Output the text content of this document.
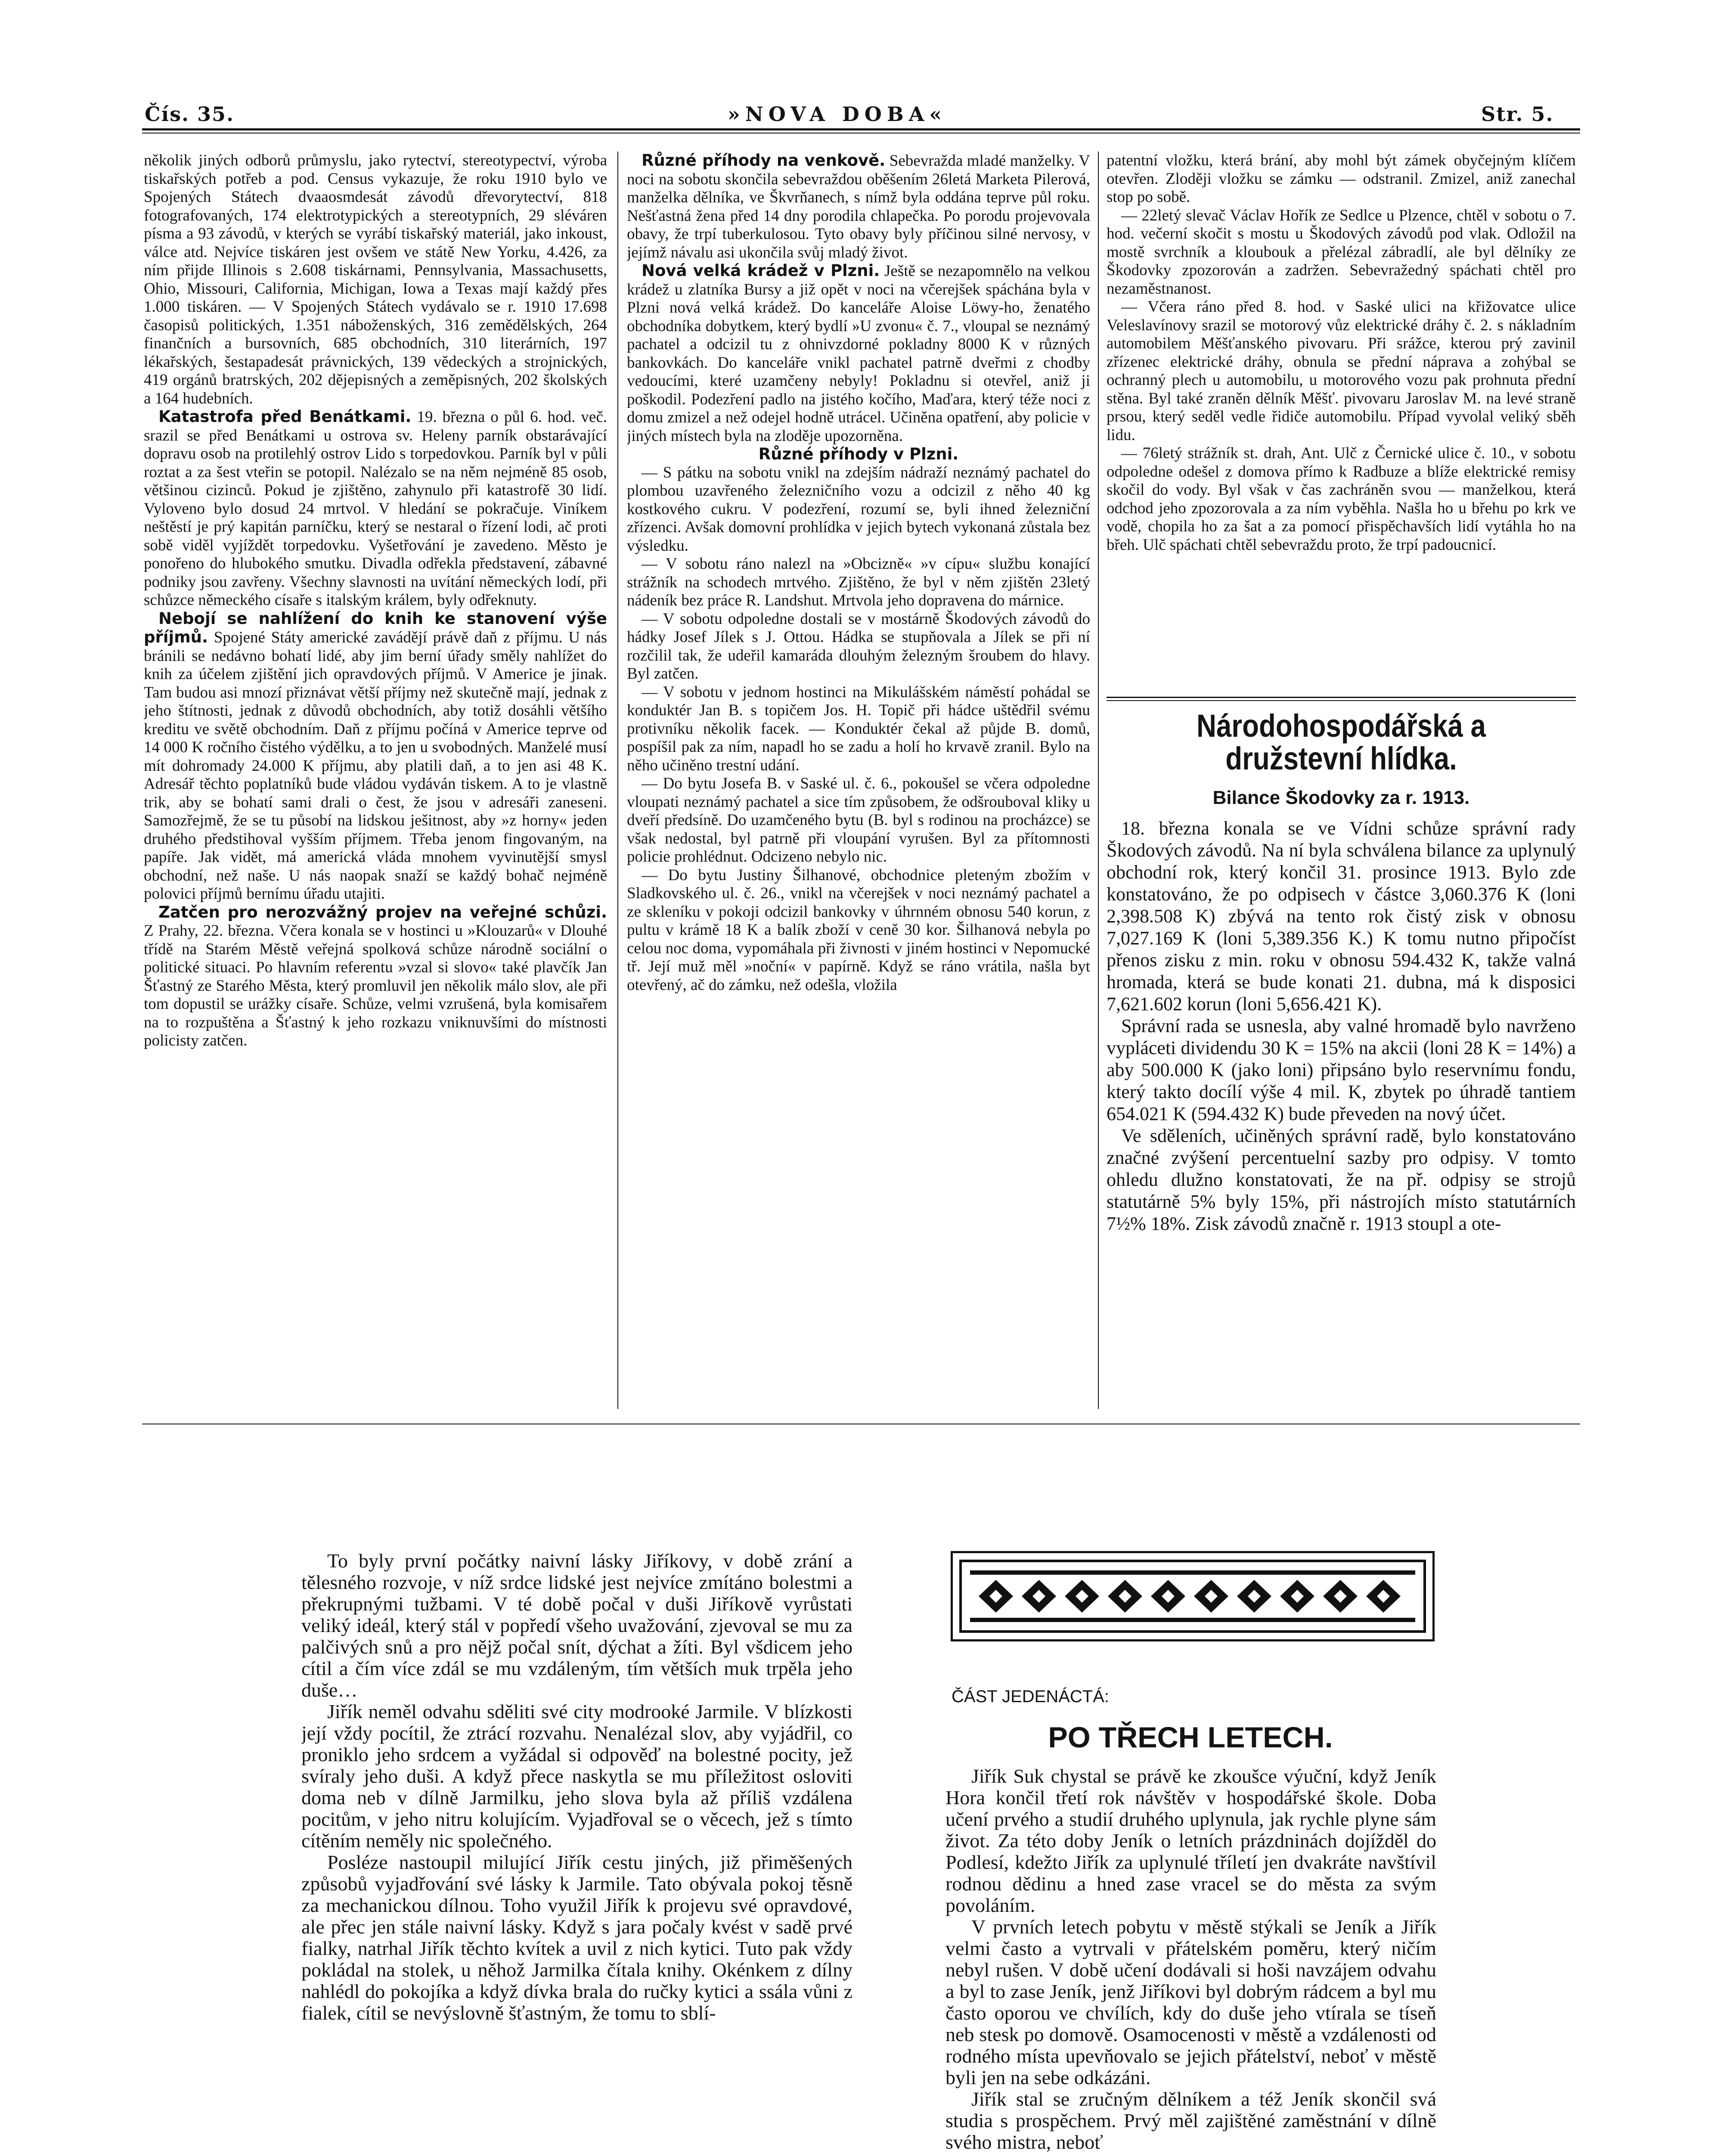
Čís. 35.	»NOVA DOBA«	Str. 5.

několik jiných odborů průmyslu, jako rytectví, stereotypectví, výroba tiskařských potřeb a pod. Census vykazuje, že roku 1910 bylo ve Spojených Státech dvaaosmdesát závodů dřevorytectví, 818 fotografovaných, 174 elektrotypických a stereotypních, 29 sléváren písma a 93 závodů, v kterých se vyrábí tiskařský materiál, jako inkoust, válce atd. Nejvíce tiskáren jest ovšem ve státě New Yorku, 4.426, za ním přijde Illinois s 2.608 tiskárnami, Pennsylvania, Massachusetts, Ohio, Missouri, California, Michigan, Iowa a Texas mají každý přes 1.000 tiskáren. — V Spojených Státech vydávalo se r. 1910 17.698 časopisů politických, 1.351 náboženských, 316 zemědělských, 264 finančních a bursovních, 685 obchodních, 310 literárních, 197 lékařských, šestapadesát právnických, 139 vědeckých a strojnických, 419 orgánů bratrských, 202 dějepisných a zeměpisných, 202 školských a 164 hudebních.

Katastrofa před Benátkami. 19. března o půl 6. hod. več. srazil se před Benátkami u ostrova sv. Heleny parník obstarávající dopravu osob na protilehlý ostrov Lido s torpedovkou. Parník byl v půli roztat a za šest vteřin se potopil. Nalézalo se na něm nejméně 85 osob, většinou cizinců. Pokud je zjištěno, zahynulo při katastrofě 30 lidí. Vyloveno bylo dosud 24 mrtvol. V hledání se pokračuje. Viníkem neštěstí je prý kapitán parníčku, který se nestaral o řízení lodi, ač proti sobě viděl vyjíždět torpedovku. Vyšetřování je zavedeno. Město je ponořeno do hlubokého smutku. Divadla odřekla představení, zábavné podniky jsou zavřeny. Všechny slavnosti na uvítání německých lodí, při schůzce německého císaře s italským králem, byly odřeknuty.

Nebojí se nahlížení do knih ke stanovení výše příjmů. Spojené Státy americké zavádějí právě daň z příjmu. U nás bránili se nedávno bohatí lidé, aby jim berní úřady směly nahlížet do knih za účelem zjištění jich opravdových příjmů. V Americe je jinak. Tam budou asi mnozí přiznávat větší příjmy než skutečně mají, jednak z jeho štítnosti, jednak z důvodů obchodních, aby totiž dosáhli většího kreditu ve světě obchodním. Daň z příjmu počíná v Americe teprve od 14 000 K ročního čistého výdělku, a to jen u svobodných. Manželé musí mít dohromady 24.000 K příjmu, aby platili daň, a to jen asi 48 K. Adresář těchto poplatníků bude vládou vydáván tiskem. A to je vlastně trik, aby se bohatí sami drali o čest, že jsou v adresáři zaneseni. Samozřejmě, že se tu působí na lidskou ješitnost, aby »z horny« jeden druhého předstihoval vyšším příjmem. Třeba jenom fingovaným, na papíře. Jak vidět, má americká vláda mnohem vyvinutější smysl obchodní, než naše. U nás naopak snaží se každý bohač nejméně polovici příjmů bernímu úřadu utajiti.

Zatčen pro nerozvážný projev na veřejné schůzi. Z Prahy, 22. března. Včera konala se v hostinci u »Klouzarů« v Dlouhé třídě na Starém Městě veřejná spolková schůze národně sociální o politické situaci. Po hlavním referentu »vzal si slovo« také plavčík Jan Šťastný ze Starého Města, který promluvil jen několik málo slov, ale při tom dopustil se urážky císaře. Schůze, velmi vzrušená, byla komisařem na to rozpuštěna a Šťastný k jeho rozkazu vniknuvšími do místnosti policisty zatčen.

Různé příhody na venkově. Sebevražda mladé manželky. V noci na sobotu skončila sebevraždou oběšením 26letá Marketa Pilerová, manželka dělníka, ve Škvrňanech, s nímž byla oddána teprve půl roku. Nešťastná žena před 14 dny porodila chlapečka. Po porodu projevovala obavy, že trpí tuberkulosou. Tyto obavy byly příčinou silné nervosy, v jejímž návalu asi ukončila svůj mladý život.

Nová velká krádež v Plzni. Ještě se nezapomnělo na velkou krádež u zlatníka Bursy a již opět v noci na včerejšek spáchána byla v Plzni nová velká krádež. Do kanceláře Aloise Löwy-ho, ženatého obchodníka dobytkem, který bydlí »U zvonu« č. 7., vloupal se neznámý pachatel a odcizil tu z ohnivzdorné pokladny 8000 K v různých bankovkách. Do kanceláře vnikl pachatel patrně dveřmi z chodby vedoucími, které uzamčeny nebyly! Pokladnu si otevřel, aniž ji poškodil. Podezření padlo na jistého kočího, Maďara, který téže noci z domu zmizel a než odejel hodně utrácel. Učiněna opatření, aby policie v jiných místech byla na zloděje upozorněna.

Různé příhody v Plzni.

— S pátku na sobotu vnikl na zdejším nádraží neznámý pachatel do plombou uzavřeného železničního vozu a odcizil z něho 40 kg kostkového cukru. V podezření, rozumí se, byli ihned železniční zřízenci. Avšak domovní prohlídka v jejich bytech vykonaná zůstala bez výsledku.

— V sobotu ráno nalezl na »Obcizně« »v cípu« službu konající strážník na schodech mrtvého. Zjištěno, že byl v něm zjištěn 23letý nádeník bez práce R. Landshut. Mrtvola jeho dopravena do márnice.

— V sobotu odpoledne dostali se v mostárně Škodových závodů do hádky Josef Jílek s J. Ottou. Hádka se stupňovala a Jílek se při ní rozčilil tak, že udeřil kamaráda dlouhým železným šroubem do hlavy. Byl zatčen.

— V sobotu v jednom hostinci na Mikulášském náměstí pohádal se konduktér Jan B. s topičem Jos. H. Topič při hádce uštědřil svému protivníku několik facek. — Konduktér čekal až půjde B. domů, pospíšil pak za ním, napadl ho se zadu a holí ho krvavě zranil. Bylo na něho učiněno trestní udání.

— Do bytu Josefa B. v Saské ul. č. 6., pokoušel se včera odpoledne vloupati neznámý pachatel a sice tím způsobem, že odšrouboval kliky u dveří předsíně. Do uzamčeného bytu (B. byl s rodinou na procházce) se však nedostal, byl patrně při vloupání vyrušen. Byl za přítomnosti policie prohlédnut. Odcizeno nebylo nic.

— Do bytu Justiny Šilhanové, obchodnice pleteným zbožím v Sladkovského ul. č. 26., vnikl na včerejšek v noci neznámý pachatel a ze skleníku v pokoji odcizil bankovky v úhrnném obnosu 540 korun, z pultu v krámě 18 K a balík zboží v ceně 30 kor. Šilhanová nebyla po celou noc doma, vypomáhala při živnosti v jiném hostinci v Nepomucké tř. Její muž měl »noční« v papírně. Když se ráno vrátila, našla byt otevřený, ač do zámku, než odešla, vložila

patentní vložku, která brání, aby mohl být zámek obyčejným klíčem otevřen. Zloději vložku se zámku — odstranil. Zmizel, aniž zanechal stop po sobě.

— 22letý slevač Václav Hořík ze Sedlce u Plzence, chtěl v sobotu o 7. hod. večerní skočit s mostu u Škodových závodů pod vlak. Odložil na mostě svrchník a kloubouk a přelézal zábradlí, ale byl dělníky ze Škodovky zpozorován a zadržen. Sebevražedný spáchati chtěl pro nezaměstnanost.

— Včera ráno před 8. hod. v Saské ulici na křižovatce ulice Veleslavínovy srazil se motorový vůz elektrické dráhy č. 2. s nákladním automobilem Měšťanského pivovaru. Při srážce, kterou prý zavinil zřízenec elektrické dráhy, obnula se přední náprava a zohýbal se ochranný plech u automobilu, u motorového vozu pak prohnuta přední stěna. Byl také zraněn dělník Měšť. pivovaru Jaroslav M. na levé straně prsou, který seděl vedle řidiče automobilu. Případ vyvolal veliký sběh lidu.

— 76letý strážník st. drah, Ant. Ulč z Černické ulice č. 10., v sobotu odpoledne odešel z domova přímo k Radbuze a blíže elektrické remisy skočil do vody. Byl však v čas zachráněn svou — manželkou, která odchod jeho zpozorovala a za ním vyběhla. Našla ho u břehu po krk ve vodě, chopila ho za šat a za pomocí přispěchavších lidí vytáhla ho na břeh. Ulč spáchati chtěl sebevraždu proto, že trpí padoucnicí.

Národohospodářská a družstevní hlídka.
Bilance Škodovky za r. 1913.

18. března konala se ve Vídni schůze správní rady Škodových závodů. Na ní byla schválena bilance za uplynulý obchodní rok, který končil 31. prosince 1913. Bylo zde konstatováno, že po odpisech v částce 3,060.376 K (loni 2,398.508 K) zbývá na tento rok čistý zisk v obnosu 7,027.169 K (loni 5,389.356 K.) K tomu nutno připočíst přenos zisku z min. roku v obnosu 594.432 K, takže valná hromada, která se bude konati 21. dubna, má k disposici 7,621.602 korun (loni 5,656.421 K).

Správní rada se usnesla, aby valné hromadě bylo navrženo vypláceti dividendu 30 K = 15% na akcii (loni 28 K = 14%) a aby 500.000 K (jako loni) připsáno bylo reservnímu fondu, který takto docílí výše 4 mil. K, zbytek po úhradě tantiem 654.021 K (594.432 K) bude převeden na nový účet.

Ve sděleních, učiněných správní radě, bylo konstatováno značné zvýšení percentuelní sazby pro odpisy. V tomto ohledu dlužno konstatovati, že na př. odpisy se strojů statutárně 5% byly 15%, při nástrojích místo statutárních 7½% 18%. Zisk závodů značně r. 1913 stoupl a ote-

To byly první počátky naivní lásky Jiříkovy, v době zrání a tělesného rozvoje, v níž srdce lidské jest nejvíce zmítáno bolestmi a překrupnými tužbami. V té době počal v duši Jiříkově vyrůstati veliký ideál, který stál v popředí všeho uvažování, zjevoval se mu za palčivých snů a pro nějž počal snít, dýchat a žíti. Byl všdicem jeho cítil a čím více zdál se mu vzdáleným, tím větších muk trpěla jeho duše…

Jiřík neměl odvahu sděliti své city modrooké Jarmile. V blízkosti její vždy pocítil, že ztrácí rozvahu. Nenalézal slov, aby vyjádřil, co proniklo jeho srdcem a vyžádal si odpověď na bolestné pocity, jež svíraly jeho duši. A když přece naskytla se mu příležitost osloviti doma neb v dílně Jarmilku, jeho slova byla až příliš vzdálena pocitům, v jeho nitru kolujícím. Vyjadřoval se o věcech, jež s tímto cítěním neměly nic společného.

Posléze nastoupil milující Jiřík cestu jiných, již přiměšených způsobů vyjadřování své lásky k Jarmile. Tato obývala pokoj těsně za mechanickou dílnou. Toho využil Jiřík k projevu své opravdové, ale přec jen stále naivní lásky. Když s jara počaly kvést v sadě prvé fialky, natrhal Jiřík těchto kvítek a uvil z nich kytici. Tuto pak vždy pokládal na stolek, u něhož Jarmilka čítala knihy. Okénkem z dílny nahlédl do pokojíka a když dívka brala do ručky kytici a ssála vůni z fialek, cítil se nevýslovně šťastným, že tomu to sblí-

ČÁST JEDENÁCTÁ:
PO TŘECH LETECH.

Jiřík Suk chystal se právě ke zkoušce výuční, když Jeník Hora končil třetí rok návštěv v hospodářské škole. Doba učení prvého a studií druhého uplynula, jak rychle plyne sám život. Za této doby Jeník o letních prázdninách dojížděl do Podlesí, kdežto Jiřík za uplynulé tříletí jen dvakráte navštívil rodnou dědinu a hned zase vracel se do města za svým povoláním.

V prvních letech pobytu v městě stýkali se Jeník a Jiřík velmi často a vytrvali v přátelském poměru, který ničím nebyl rušen. V době učení dodávali si hoši navzájem odvahu a byl to zase Jeník, jenž Jiříkovi byl dobrým rádcem a byl mu často oporou ve chvílích, kdy do duše jeho vtírala se tíseň neb stesk po domově. Osamocenosti v městě a vzdálenosti od rodného místa upevňovalo se jejich přátelství, neboť v městě byli jen na sebe odkázáni.

Jiřík stal se zručným dělníkem a též Jeník skončil svá studia s prospěchem. Prvý měl zajištěné zaměstnání v dílně svého mistra, neboť
